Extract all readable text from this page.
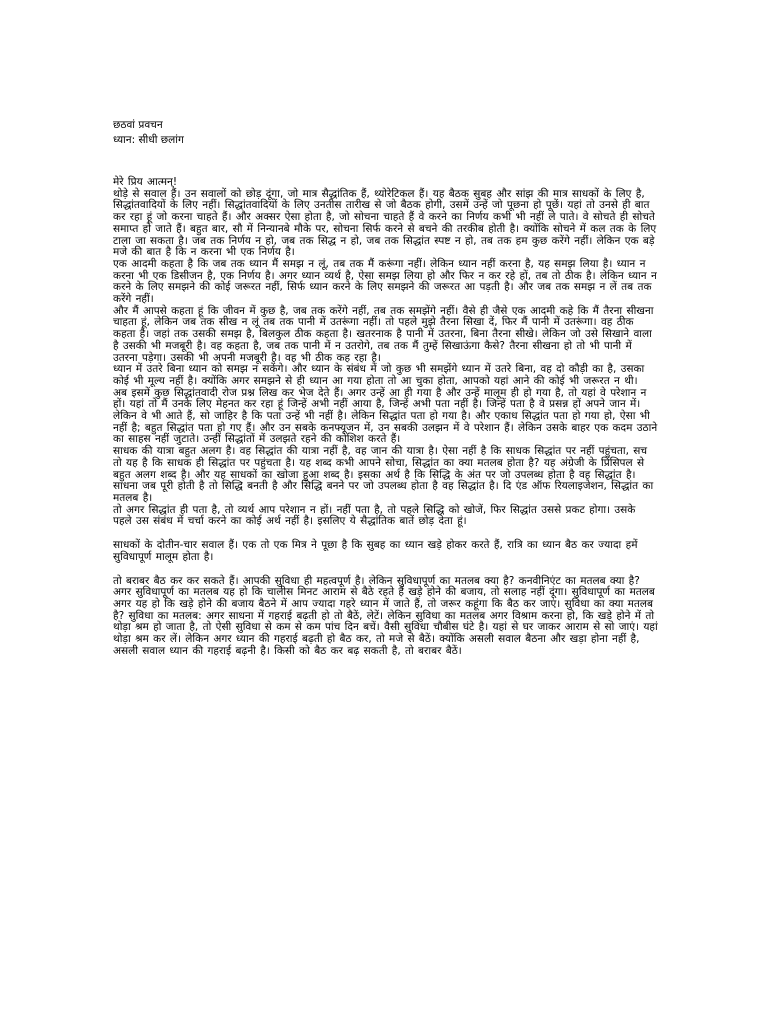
छठवां प्रवचन
ध्यान: सीधी छलांग

मेरे प्रिय आत्मन्!

थोड़े से सवाल हैं। उन सवालों को छोड़ दूंगा, जो मात्र सैद्धांतिक हैं, थ्योरेटिकल हैं। यह बैठक सुबह और सांझ की मात्र साधकों के लिए है, सिद्धांतवादियों के लिए नहीं। सिद्धांतवादियों के लिए उनतीस तारीख से जो बैठक होगी, उसमें उन्हें जो पूछना हो पूछें। यहां तो उनसे ही बात कर रहा हूं जो करना चाहते हैं। और अक्सर ऐसा होता है, जो सोचना चाहते हैं वे करने का निर्णय कभी भी नहीं ले पाते। वे सोचते ही सोचते समाप्त हो जाते हैं। बहुत बार, सौ में निन्यानबे मौके पर, सोचना सिर्फ करने से बचने की तरकीब होती है। क्योंकि सोचने में कल तक के लिए टाला जा सकता है। जब तक निर्णय न हो, जब तक सिद्ध न हो, जब तक सिद्धांत स्पष्ट न हो, तब तक हम कुछ करेंगे नहीं। लेकिन एक बड़े मजे की बात है कि न करना भी एक निर्णय है।

एक आदमी कहता है कि जब तक ध्यान मैं समझ न लूं, तब तक मैं करूंगा नहीं। लेकिन ध्यान नहीं करना है, यह समझ लिया है। ध्यान न करना भी एक डिसीजन है, एक निर्णय है। अगर ध्यान व्यर्थ है, ऐसा समझ लिया हो और फिर न कर रहे हों, तब तो ठीक है। लेकिन ध्यान न करने के लिए समझने की कोई जरूरत नहीं, सिर्फ ध्यान करने के लिए समझने की जरूरत आ पड़ती है। और जब तक समझ न लें तब तक करेंगे नहीं।

और मैं आपसे कहता हूं कि जीवन में कुछ है, जब तक करेंगे नहीं, तब तक समझेंगे नहीं। वैसे ही जैसे एक आदमी कहे कि मैं तैरना सीखना चाहता हूं, लेकिन जब तक सीख न लूं तब तक पानी में उतरूंगा नहीं। तो पहले मुझे तैरना सिखा दें, फिर मैं पानी में उतरूंगा। वह ठीक कहता है। जहां तक उसकी समझ है, बिलकुल ठीक कहता है। खतरनाक है पानी में उतरना, बिना तैरना सीखे। लेकिन जो उसे सिखाने वाला है उसकी भी मजबूरी है। वह कहता है, जब तक पानी में न उतरोगे, तब तक मैं तुम्हें सिखाऊंगा कैसे? तैरना सीखना हो तो भी पानी में उतरना पड़ेगा। उसकी भी अपनी मजबूरी है। वह भी ठीक कह रहा है।

ध्यान में उतरे बिना ध्यान को समझ न सकेंगे। और ध्यान के संबंध में जो कुछ भी समझेंगे ध्यान में उतरे बिना, वह दो कौड़ी का है, उसका कोई भी मूल्य नहीं है। क्योंकि अगर समझने से ही ध्यान आ गया होता तो आ चुका होता, आपको यहां आने की कोई भी जरूरत न थी।

अब इसमें कुछ सिद्धांतवादी रोज प्रश्न लिख कर भेज देते हैं। अगर उन्हें आ ही गया है और उन्हें मालूम ही हो गया है, तो यहां वे परेशान न हों। यहां तो मैं उनके लिए मेहनत कर रहा हूं जिन्हें अभी नहीं आया है, जिन्हें अभी पता नहीं है। जिन्हें पता है वे प्रसन्न हों अपने जान में। लेकिन वे भी आते हैं, सो जाहिर है कि पता उन्हें भी नहीं है। लेकिन सिद्धांत पता हो गया है। और एकाध सिद्धांत पता हो गया हो, ऐसा भी नहीं है; बहुत सिद्धांत पता हो गए हैं। और उन सबके कनफ्यूजन में, उन सबकी उलझन में वे परेशान हैं। लेकिन उसके बाहर एक कदम उठाने का साहस नहीं जुटाते। उन्हीं सिद्धांतों में उलझते रहने की कोशिश करते हैं।

साधक की यात्रा बहुत अलग है। वह सिद्धांत की यात्रा नहीं है, वह जान की यात्रा है। ऐसा नहीं है कि साधक सिद्धांत पर नहीं पहुंचता, सच तो यह है कि साधक ही सिद्धांत पर पहुंचता है। यह शब्द कभी आपने सोचा, सिद्धांत का क्या मतलब होता है? यह अंग्रेजी के प्रिंसिपल से बहुत अलग शब्द है। और यह साधकों का खोजा हुआ शब्द है। इसका अर्थ है कि सिद्धि के अंत पर जो उपलब्ध होता है वह सिद्धांत है। साधना जब पूरी होती है तो सिद्धि बनती है और सिद्धि बनने पर जो उपलब्ध होता है वह सिद्धांत है। दि एंड ऑफ रियलाइजेशन, सिद्धांत का मतलब है।

तो अगर सिद्धांत ही पता है, तो व्यर्थ आप परेशान न हों। नहीं पता है, तो पहले सिद्धि को खोजें, फिर सिद्धांत उससे प्रकट होगा। उसके पहले उस संबंध में चर्चा करने का कोई अर्थ नहीं है। इसलिए ये सैद्धांतिक बातें छोड़ देता हूं।

साधकों के दोतीन-चार सवाल हैं। एक तो एक मित्र ने पूछा है कि सुबह का ध्यान खड़े होकर करते हैं, रात्रि का ध्यान बैठ कर ज्यादा हमें सुविधापूर्ण मालूम होता है।

तो बराबर बैठ कर कर सकते हैं। आपकी सुविधा ही महत्वपूर्ण है। लेकिन सुविधापूर्ण का मतलब क्या है? कनवीनिएंट का मतलब क्या है?

अगर सुविधापूर्ण का मतलब यह हो कि चालीस मिनट आराम से बैठे रहते हैं खड़े होने की बजाय, तो सलाह नहीं दूंगा। सुविधापूर्ण का मतलब अगर यह हो कि खड़े होने की बजाय बैठने में आप ज्यादा गहरे ध्यान में जाते हैं, तो जरूर कहूंगा कि बैठ कर जाएं। सुविधा का क्या मतलब है? सुविधा का मतलब: अगर साधना में गहराई बढ़ती हो तो बैठें, लेटें। लेकिन सुविधा का मतलब अगर विश्राम करना हो, कि खड़े होने में तो थोड़ा श्रम हो जाता है, तो ऐसी सुविधा से कम से कम पांच दिन बचें। वैसी सुविधा चौबीस घंटे है। यहां से घर जाकर आराम से सो जाएं। यहां थोड़ा श्रम कर लें। लेकिन अगर ध्यान की गहराई बढ़ती हो बैठ कर, तो मजे से बैठें। क्योंकि असली सवाल बैठना और खड़ा होना नहीं है, असली सवाल ध्यान की गहराई बढ़नी है। किसी को बैठ कर बढ़ सकती है, तो बराबर बैठें।
